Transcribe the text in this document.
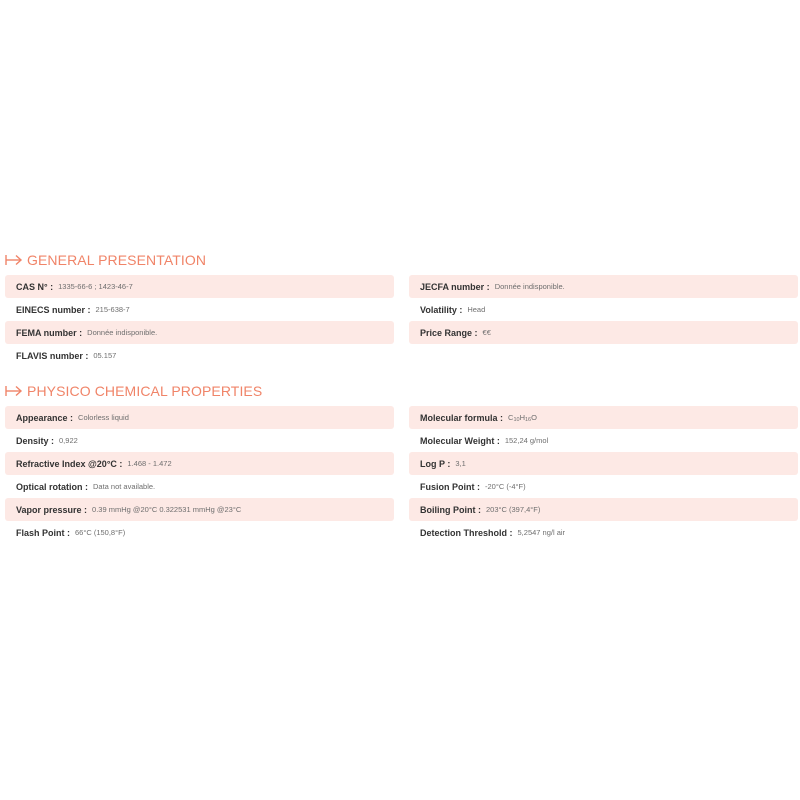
GENERAL PRESENTATION
CAS N° : 1335-66-6 ; 1423-46-7
EINECS number : 215-638-7
FEMA number : Donnée indisponible.
FLAVIS number : 05.157
JECFA number : Donnée indisponible.
Volatility : Head
Price Range : €€
PHYSICO CHEMICAL PROPERTIES
Appearance : Colorless liquid
Density : 0,922
Refractive Index @20°C : 1.468 - 1.472
Optical rotation : Data not available.
Vapor pressure : 0.39 mmHg @20°C 0.322531 mmHg @23°C
Flash Point : 66°C (150,8°F)
Molecular formula : $C_{10}H_{16}O$
Molecular Weight : 152,24 g/mol
Log P : 3,1
Fusion Point : -20°C (-4°F)
Boiling Point : 203°C (397,4°F)
Detection Threshold : 5,2547 ng/l air
